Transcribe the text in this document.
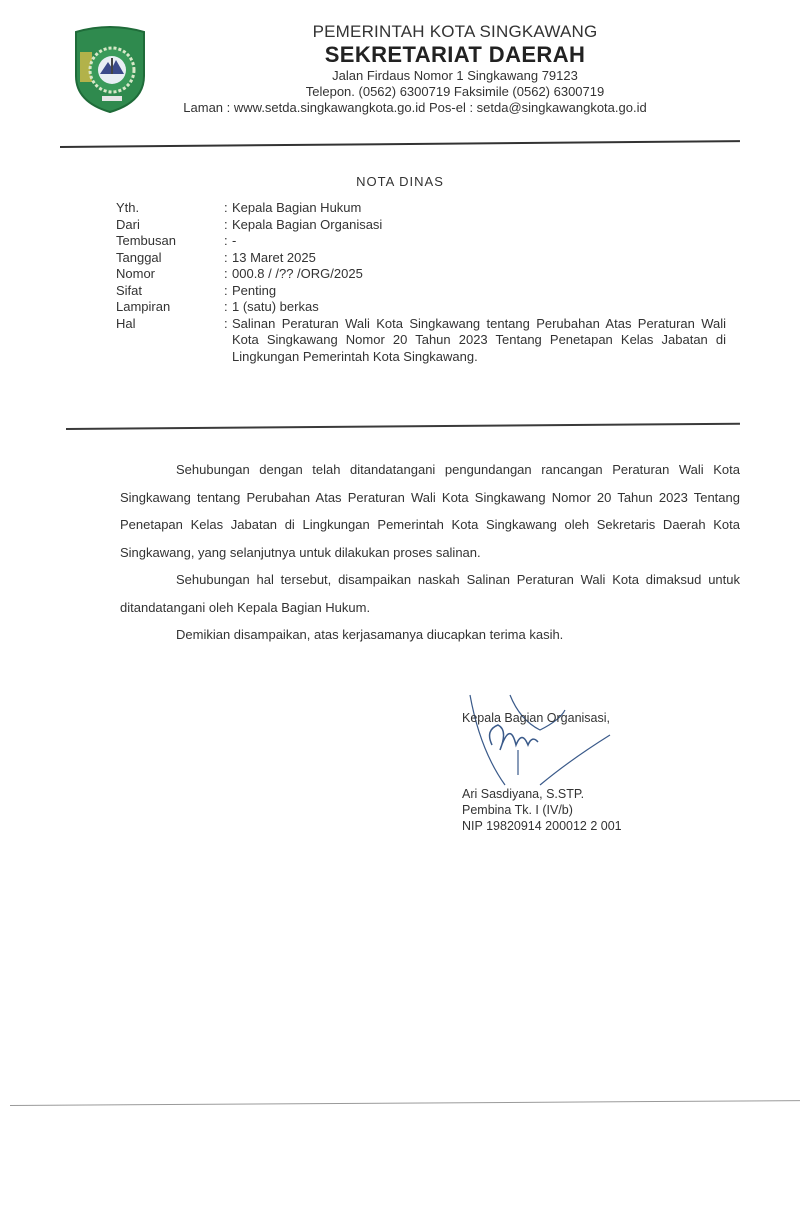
PEMERINTAH KOTA SINGKAWANG
SEKRETARIAT DAERAH
Jalan Firdaus Nomor 1 Singkawang 79123
Telepon. (0562) 6300719 Faksimile (0562) 6300719
Laman : www.setda.singkawangkota.go.id Pos-el : setda@singkawangkota.go.id
NOTA DINAS
Yth.	: Kepala Bagian Hukum
Dari	: Kepala Bagian Organisasi
Tembusan	: -
Tanggal	: 13 Maret 2025
Nomor	: 000.8 / /?? /ORG/2025
Sifat	: Penting
Lampiran	: 1 (satu) berkas
Hal	: Salinan Peraturan Wali Kota Singkawang tentang Perubahan Atas Peraturan Wali Kota Singkawang Nomor 20 Tahun 2023 Tentang Penetapan Kelas Jabatan di Lingkungan Pemerintah Kota Singkawang.

Sehubungan dengan telah ditandatangani pengundangan rancangan Peraturan Wali Kota Singkawang tentang Perubahan Atas Peraturan Wali Kota Singkawang Nomor 20 Tahun 2023 Tentang Penetapan Kelas Jabatan di Lingkungan Pemerintah Kota Singkawang oleh Sekretaris Daerah Kota Singkawang, yang selanjutnya untuk dilakukan proses salinan.

Sehubungan hal tersebut, disampaikan naskah Salinan Peraturan Wali Kota dimaksud untuk ditandatangani oleh Kepala Bagian Hukum.

Demikian disampaikan, atas kerjasamanya diucapkan terima kasih.

Kepala Bagian Organisasi,
Ari Sasdiyana, S.STP.
Pembina Tk. I (IV/b)
NIP 19820914 200012 2 001
